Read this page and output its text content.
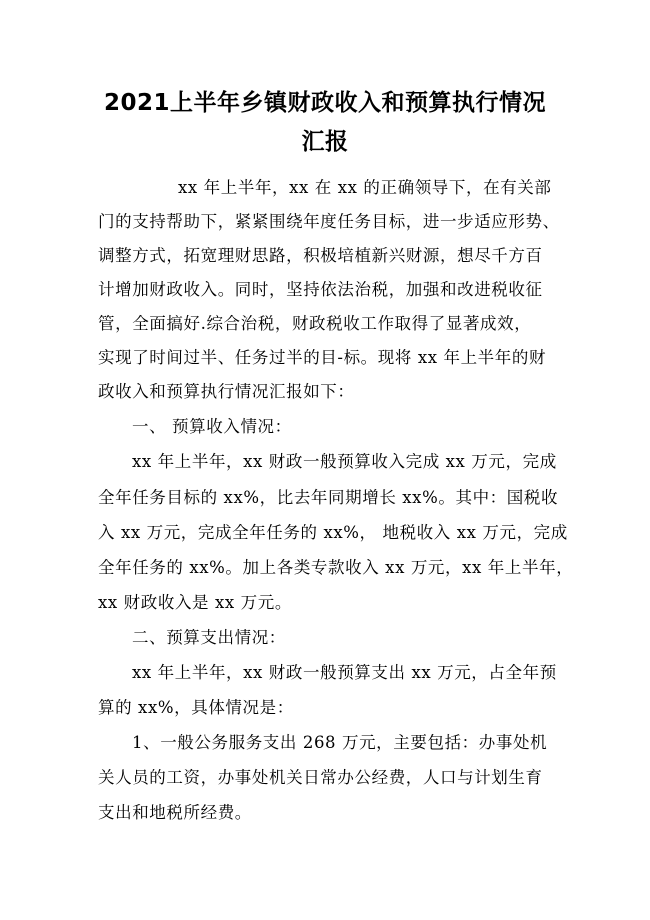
2021上半年乡镇财政收入和预算执行情况
汇报
xx 年上半年，xx 在 xx 的正确领导下，在有关部
门的支持帮助下，紧紧围绕年度任务目标，进一步适应形势、
调整方式，拓宽理财思路，积极培植新兴财源，想尽千方百
计增加财政收入。同时，坚持依法治税，加强和改进税收征
管，全面搞好.综合治税，财政税收工作取得了显著成效，
实现了时间过半、任务过半的目-标。现将 xx 年上半年的财
政收入和预算执行情况汇报如下：
一、 预算收入情况：
xx 年上半年，xx 财政一般预算收入完成 xx 万元，完成
全年任务目标的 xx%，比去年同期增长 xx%。其中：国税收
入 xx 万元，完成全年任务的 xx%， 地税收入 xx 万元，完成
全年任务的 xx%。加上各类专款收入 xx 万元，xx 年上半年，
xx 财政收入是 xx 万元。
二、预算支出情况：
xx 年上半年，xx 财政一般预算支出 xx 万元，占全年预
算的 xx%，具体情况是：
1、一般公务服务支出 268 万元，主要包括：办事处机
关人员的工资，办事处机关日常办公经费，人口与计划生育
支出和地税所经费。
